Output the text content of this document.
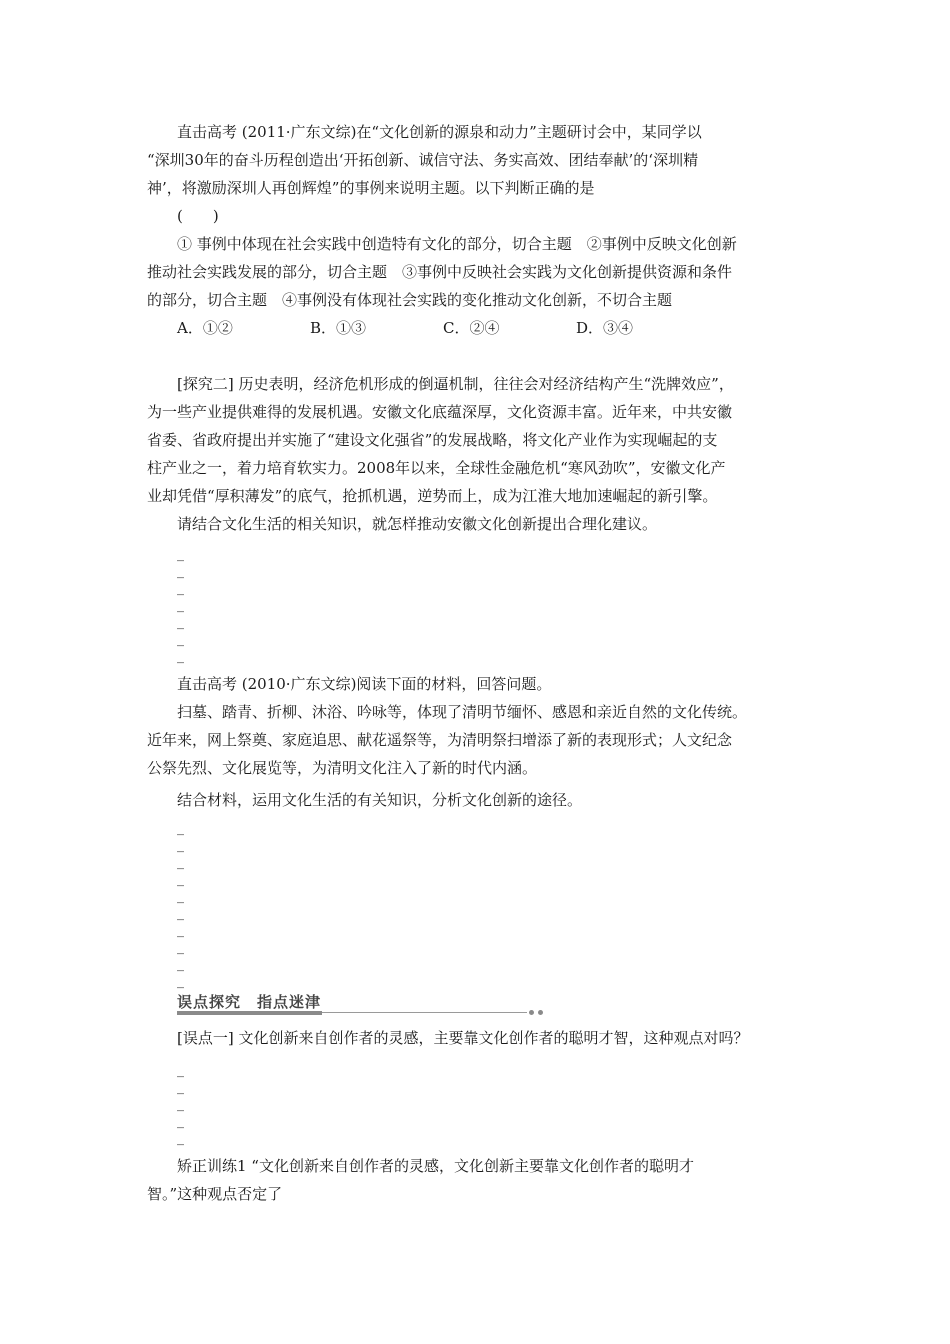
直击高考 (2011·广东文综)在“文化创新的源泉和动力”主题研讨会中，某同学以
“深圳30年的奋斗历程创造出‘开拓创新、诚信守法、务实高效、团结奉献’的‘深圳精
神’，将激励深圳人再创辉煌”的事例来说明主题。以下判断正确的是

(　　)

① 事例中体现在社会实践中创造特有文化的部分，切合主题　②事例中反映文化创新
推动社会实践发展的部分，切合主题　③事例中反映社会实践为文化创新提供资源和条件
的部分，切合主题　④事例没有体现社会实践的变化推动文化创新，不切合主题

A．①②	B．①③	C．②④	D．③④

[探究二] 历史表明，经济危机形成的倒逼机制，往往会对经济结构产生“洗牌效应”，
为一些产业提供难得的发展机遇。安徽文化底蕴深厚，文化资源丰富。近年来，中共安徽
省委、省政府提出并实施了“建设文化强省”的发展战略，将文化产业作为实现崛起的支
柱产业之一，着力培育软实力。2008年以来，全球性金融危机“寒风劲吹”，安徽文化产
业却凭借“厚积薄发”的底气，抢抓机遇，逆势而上，成为江淮大地加速崛起的新引擎。

请结合文化生活的相关知识，就怎样推动安徽文化创新提出合理化建议。

_
_
_
_
_
_
_

直击高考 (2010·广东文综)阅读下面的材料，回答问题。

扫墓、踏青、折柳、沐浴、吟咏等，体现了清明节缅怀、感恩和亲近自然的文化传统。
近年来，网上祭奠、家庭追思、献花遥祭等，为清明祭扫增添了新的表现形式；人文纪念
公祭先烈、文化展览等，为清明文化注入了新的时代内涵。

结合材料，运用文化生活的有关知识，分析文化创新的途径。

_
_
_
_
_
_
_
_
_
_
误点探究　指点迷津

[误点一] 文化创新来自创作者的灵感，主要靠文化创作者的聪明才智，这种观点对吗？

_
_
_
_
_

矫正训练1 “文化创新来自创作者的灵感，文化创新主要靠文化创作者的聪明才
智。”这种观点否定了
